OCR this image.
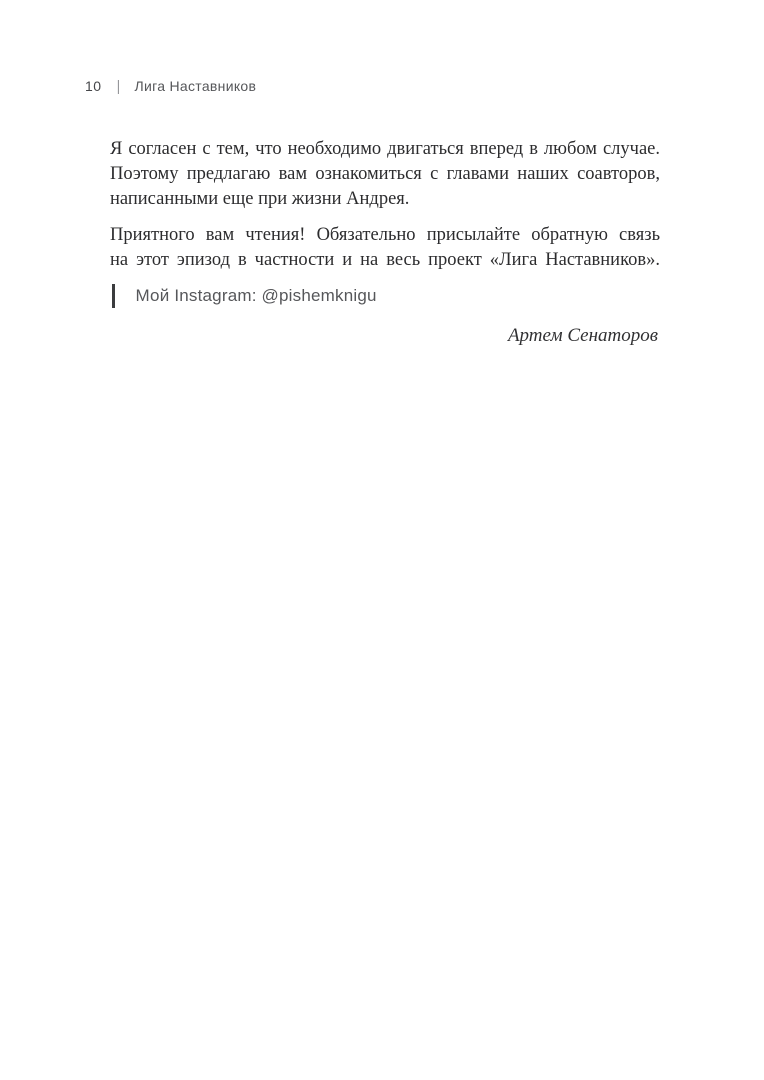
10 | Лига Наставников

Я согласен с тем, что необходимо двигаться вперед в любом случае.
Поэтому предлагаю вам ознакомиться с главами наших соавторов,
написанными еще при жизни Андрея.

Приятного вам чтения! Обязательно присылайте обратную связь
на этот эпизод в частности и на весь проект «Лига Наставников».

Мой Instagram: @pishemknigu
Артем Сенаторов
